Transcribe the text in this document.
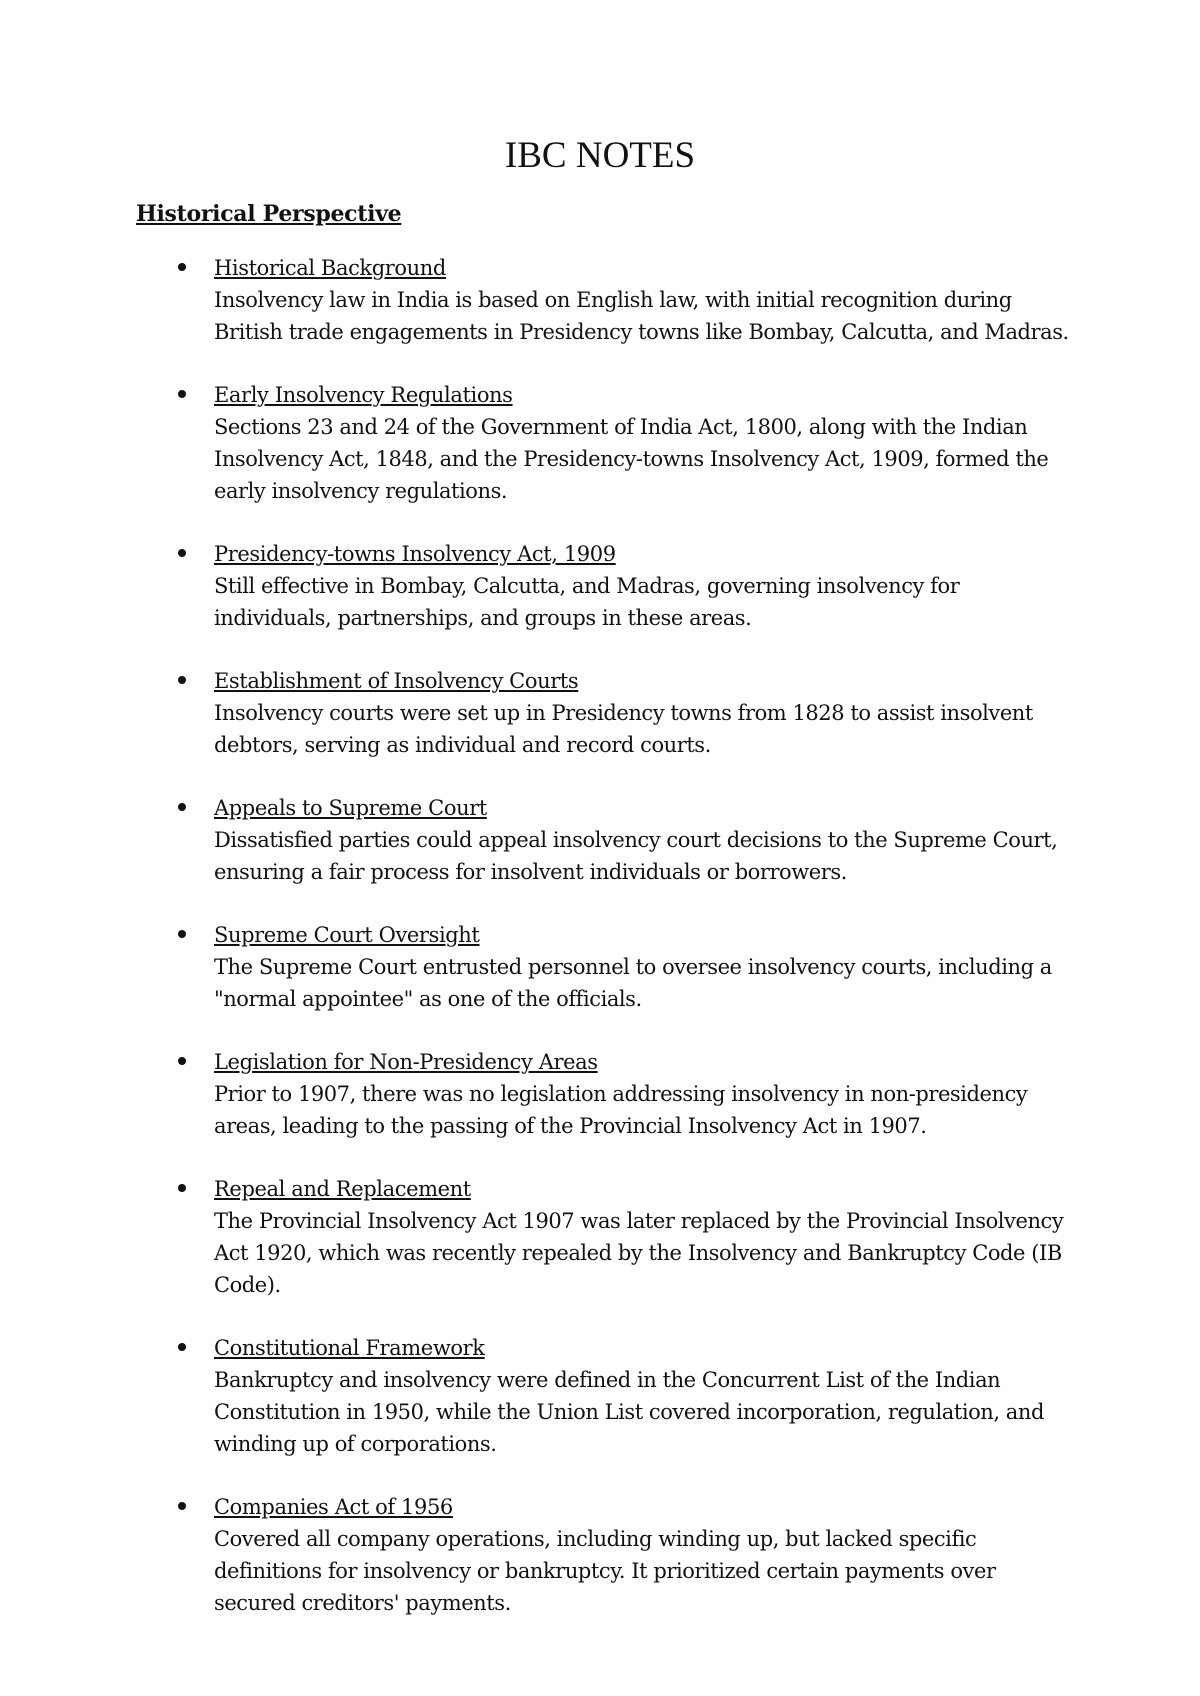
IBC NOTES
Historical Perspective
Historical Background
Insolvency law in India is based on English law, with initial recognition during British trade engagements in Presidency towns like Bombay, Calcutta, and Madras.
Early Insolvency Regulations
Sections 23 and 24 of the Government of India Act, 1800, along with the Indian Insolvency Act, 1848, and the Presidency-towns Insolvency Act, 1909, formed the early insolvency regulations.
Presidency-towns Insolvency Act, 1909
Still effective in Bombay, Calcutta, and Madras, governing insolvency for individuals, partnerships, and groups in these areas.
Establishment of Insolvency Courts
Insolvency courts were set up in Presidency towns from 1828 to assist insolvent debtors, serving as individual and record courts.
Appeals to Supreme Court
Dissatisfied parties could appeal insolvency court decisions to the Supreme Court, ensuring a fair process for insolvent individuals or borrowers.
Supreme Court Oversight
The Supreme Court entrusted personnel to oversee insolvency courts, including a "normal appointee" as one of the officials.
Legislation for Non-Presidency Areas
Prior to 1907, there was no legislation addressing insolvency in non-presidency areas, leading to the passing of the Provincial Insolvency Act in 1907.
Repeal and Replacement
The Provincial Insolvency Act 1907 was later replaced by the Provincial Insolvency Act 1920, which was recently repealed by the Insolvency and Bankruptcy Code (IB Code).
Constitutional Framework
Bankruptcy and insolvency were defined in the Concurrent List of the Indian Constitution in 1950, while the Union List covered incorporation, regulation, and winding up of corporations.
Companies Act of 1956
Covered all company operations, including winding up, but lacked specific definitions for insolvency or bankruptcy. It prioritized certain payments over secured creditors' payments.
